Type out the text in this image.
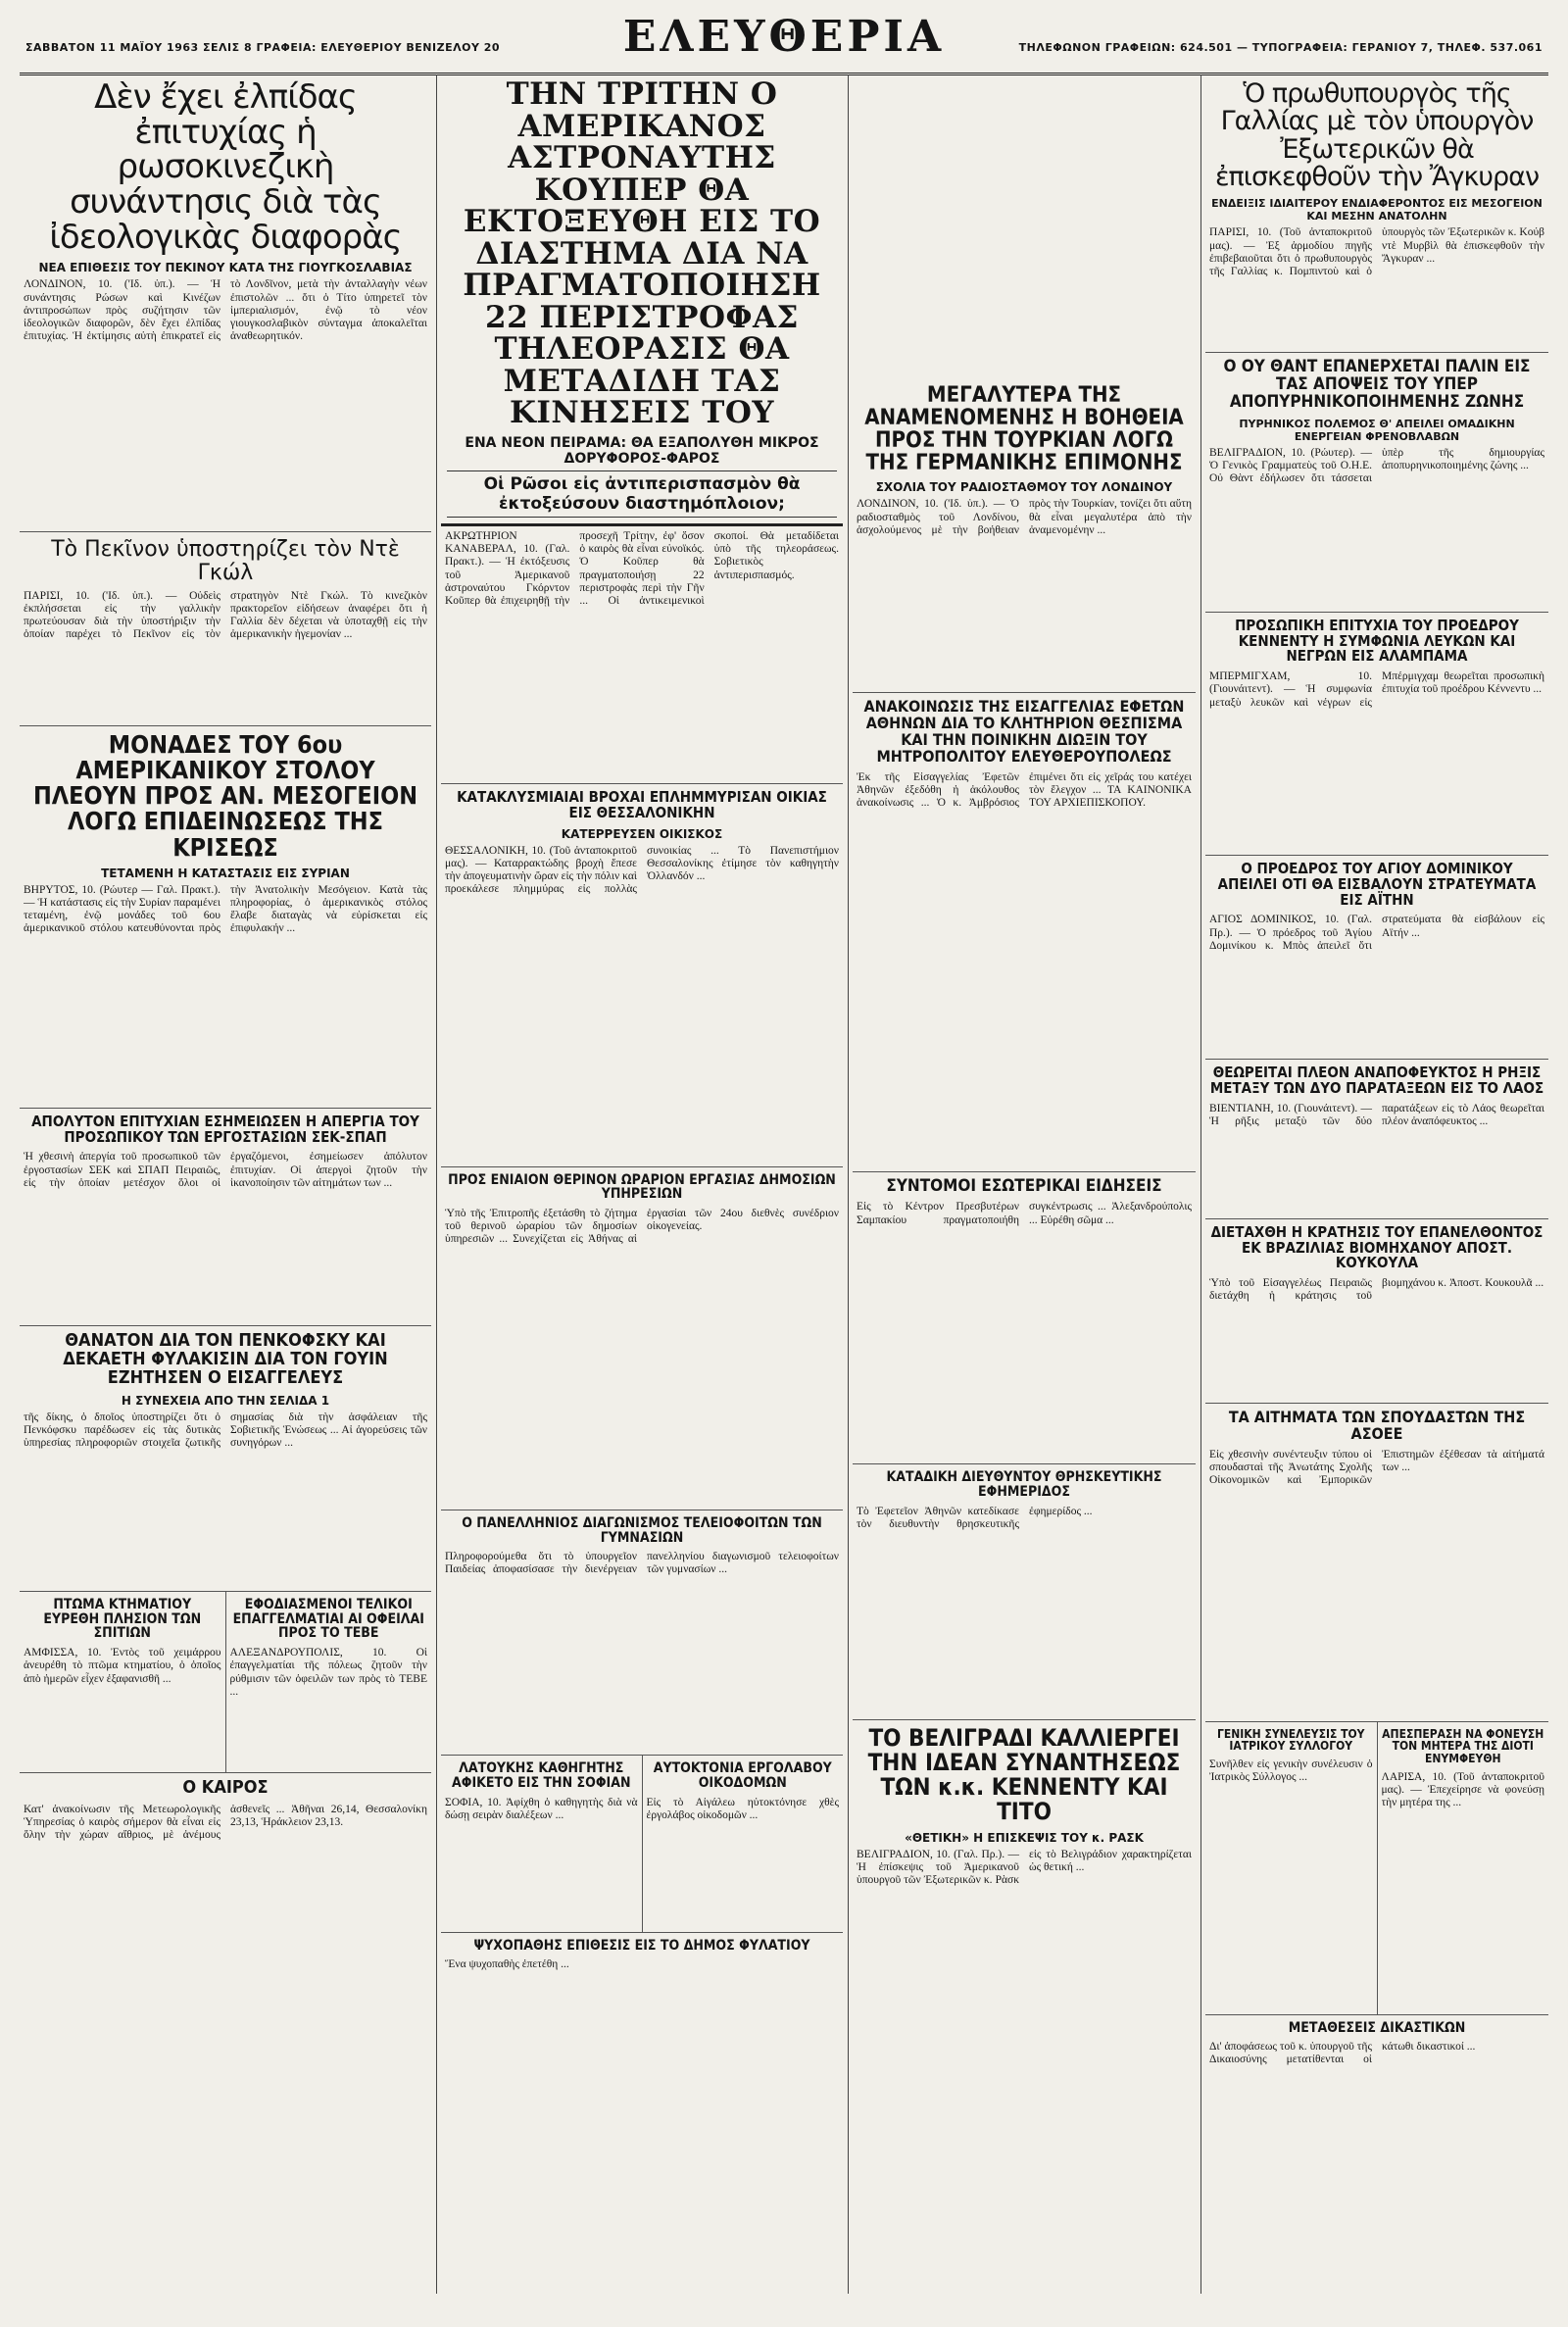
ΣΑΒΒΑΤΟΝ 11 ΜΑΪΟΥ 1963 ΣΕΛΙΣ 8 ΓΡΑΦΕΙΑ: ΕΛΕΥΘΕΡΙΟΥ ΒΕΝΙΖΕΛΟΥ 20	ΕΛΕΥΘΕΡΙΑ	ΤΗΛΕΦΩΝΟΝ ΓΡΑΦΕΙΩΝ: 624.501 — ΤΥΠΟΓΡΑΦΕΙΑ: ΓΕΡΑΝΙΟΥ 7, ΤΗΛΕΦ. 537.061
Δὲν ἔχει ἐλπίδας ἐπιτυχίας ἡ ρωσοκινεζικὴ συνάντησις διὰ τὰς ἰδεολογικὰς διαφορὰς
ΝΕΑ ΕΠΙΘΕΣΙΣ ΤΟΥ ΠΕΚΙΝΟΥ ΚΑΤΑ ΤΗΣ ΓΙΟΥΓΚΟΣΛΑΒΙΑΣ

ΛΟΝΔΙΝΟΝ, 10. ('Ιδ. ὑπ.). — Ἡ συνάντησις Ρώσων καὶ Κινέζων ἀντιπροσώπων πρὸς συζήτησιν τῶν ἰδεολογικῶν διαφορῶν, δὲν ἔχει ἐλπίδας ἐπιτυχίας. Ἡ ἐκτίμησις αὐτὴ ἐπικρατεῖ εἰς τὸ Λονδῖνον, μετὰ τὴν ἀνταλλαγὴν νέων ἐπιστολῶν ... ὅτι ὁ Τίτο ὑπηρετεῖ τὸν ἰμπεριαλισμόν, ἐνῷ τὸ νέον γιουγκοσλαβικὸν σύνταγμα ἀποκαλεῖται ἀναθεωρητικόν.

Τὸ Πεκῖνον ὑποστηρίζει τὸν Ντὲ Γκώλ

ΠΑΡΙΣΙ, 10. ('Ιδ. ὑπ.). — Οὐδεὶς ἐκπλήσσεται εἰς τὴν γαλλικὴν πρωτεύουσαν διὰ τὴν ὑποστήριξιν τὴν ὁποίαν παρέχει τὸ Πεκῖνον εἰς τὸν στρατηγὸν Ντὲ Γκώλ. Τὸ κινεζικὸν πρακτορεῖον εἰδήσεων ἀναφέρει ὅτι ἡ Γαλλία δὲν δέχεται νὰ ὑποταχθῇ εἰς τὴν ἀμερικανικὴν ἡγεμονίαν ...

ΜΟΝΑΔΕΣ ΤΟΥ 6ου ΑΜΕΡΙΚΑΝΙΚΟΥ ΣΤΟΛΟΥ ΠΛΕΟΥΝ ΠΡΟΣ ΑΝ. ΜΕΣΟΓΕΙΟΝ ΛΟΓΩ ΕΠΙΔΕΙΝΩΣΕΩΣ ΤΗΣ ΚΡΙΣΕΩΣ
ΤΕΤΑΜΕΝΗ Η ΚΑΤΑΣΤΑΣΙΣ ΕΙΣ ΣΥΡΙΑΝ

ΒΗΡΥΤΟΣ, 10. (Ρώυτερ — Γαλ. Πρακτ.). — Ἡ κατάστασις εἰς τὴν Συρίαν παραμένει τεταμένη, ἐνῷ μονάδες τοῦ 6ου ἀμερικανικοῦ στόλου κατευθύνονται πρὸς τὴν Ἀνατολικὴν Μεσόγειον. Κατὰ τὰς πληροφορίας, ὁ ἀμερικανικὸς στόλος ἔλαβε διαταγὰς νὰ εὑρίσκεται εἰς ἐπιφυλακήν ...

ΑΠΟΛΥΤΟΝ ΕΠΙΤΥΧΙΑΝ ΕΣΗΜΕΙΩΣΕΝ Η ΑΠΕΡΓΙΑ ΤΟΥ ΠΡΟΣΩΠΙΚΟΥ ΤΩΝ ΕΡΓΟΣΤΑΣΙΩΝ ΣΕΚ-ΣΠΑΠ

Ἡ χθεσινὴ ἀπεργία τοῦ προσωπικοῦ τῶν ἐργοστασίων ΣΕΚ καὶ ΣΠΑΠ Πειραιῶς, εἰς τὴν ὁποίαν μετέσχον ὅλοι οἱ ἐργαζόμενοι, ἐσημείωσεν ἀπόλυτον ἐπιτυχίαν. Οἱ ἀπεργοὶ ζητοῦν τὴν ἱκανοποίησιν τῶν αἰτημάτων των ...

ΘΑΝΑΤΟΝ ΔΙΑ ΤΟΝ ΠΕΝΚΟΦΣΚΥ ΚΑΙ ΔΕΚΑΕΤΗ ΦΥΛΑΚΙΣΙΝ ΔΙΑ ΤΟΝ ΓΟΥΙΝ ΕΖΗΤΗΣΕΝ Ο ΕΙΣΑΓΓΕΛΕΥΣ
Η ΣΥΝΕΧΕΙΑ ΑΠΟ ΤΗΝ ΣΕΛΙΔΑ 1

τῆς δίκης, ὁ δποῖος ὑποστηρίζει ὅτι ὁ Πενκόφσκυ παρέδωσεν εἰς τὰς δυτικὰς ὑπηρεσίας πληροφοριῶν στοιχεῖα ζωτικῆς σημασίας διὰ τὴν ἀσφάλειαν τῆς Σοβιετικῆς Ἑνώσεως ... Αἱ ἀγορεύσεις τῶν συνηγόρων ...

ΠΤΩΜΑ ΚΤΗΜΑΤΙΟΥ ΕΥΡΕΘΗ ΠΛΗΣΙΟΝ ΤΩΝ ΣΠΙΤΙΩΝ

ΑΜΦΙΣΣΑ, 10. Ἐντὸς τοῦ χειμάρρου ἀνευρέθη τὸ πτῶμα κτηματίου, ὁ ὁποῖος ἀπὸ ἡμερῶν εἶχεν ἐξαφανισθῆ ...

ΕΦΟΔΙΑΣΜΕΝΟΙ ΤΕΛΙΚΟΙ ΕΠΑΓΓΕΛΜΑΤΙΑΙ ΑΙ ΟΦΕΙΛΑΙ ΠΡΟΣ ΤΟ ΤΕΒΕ

ΑΛΕΞΑΝΔΡΟΥΠΟΛΙΣ, 10. Οἱ ἐπαγγελματίαι τῆς πόλεως ζητοῦν τὴν ρύθμισιν τῶν ὀφειλῶν των πρὸς τὸ ΤΕΒΕ ...

Ο ΚΑΙΡΟΣ

Κατ' ἀνακοίνωσιν τῆς Μετεωρολογικῆς Ὑπηρεσίας ὁ καιρὸς σήμερον θὰ εἶναι εἰς ὅλην τὴν χώραν αἴθριος, μὲ ἀνέμους ἀσθενεῖς ... Ἀθῆναι 26,14, Θεσσαλονίκη 23,13, Ἡράκλειον 23,13.

ΤΗΝ ΤΡΙΤΗΝ Ο ΑΜΕΡΙΚΑΝΟΣ ΑΣΤΡΟΝΑΥΤΗΣ ΚΟΥΠΕΡ ΘΑ ΕΚΤΟΞΕΥΘΗ ΕΙΣ ΤΟ ΔΙΑΣΤΗΜΑ ΔΙΑ ΝΑ ΠΡΑΓΜΑΤΟΠΟΙΗΣΗ 22 ΠΕΡΙΣΤΡΟΦΑΣ ΤΗΛΕΟΡΑΣΙΣ ΘΑ ΜΕΤΑΔΙΔΗ ΤΑΣ ΚΙΝΗΣΕΙΣ ΤΟΥ
ΕΝΑ ΝΕΟΝ ΠΕΙΡΑΜΑ: ΘΑ ΕΞΑΠΟΛΥΘΗ ΜΙΚΡΟΣ ΔΟΡΥΦΟΡΟΣ-ΦΑΡΟΣ
Οἱ Ρῶσοι εἰς ἀντιπερισπασμὸν θὰ ἐκτοξεύσουν διαστημόπλοιον;

ΑΚΡΩΤΗΡΙΟΝ ΚΑΝΑΒΕΡΑΛ, 10. (Γαλ. Πρακτ.). — Ἡ ἐκτόξευσις τοῦ Ἀμερικανοῦ ἀστροναύτου Γκόρντον Κοῦπερ θὰ ἐπιχειρηθῇ τὴν προσεχῆ Τρίτην, ἐφ' ὅσον ὁ καιρὸς θὰ εἶναι εὐνοϊκός. Ὁ Κοῦπερ θὰ πραγματοποιήσῃ 22 περιστροφὰς περὶ τὴν Γῆν ... Οἱ ἀντικειμενικοὶ σκοποί. Θὰ μεταδίδεται ὑπὸ τῆς τηλεοράσεως. Σοβιετικὸς ἀντιπερισπασμός.

ΚΑΤΑΚΛΥΣΜΙΑΙΑΙ ΒΡΟΧΑΙ ΕΠΛΗΜΜΥΡΙΣΑΝ ΟΙΚΙΑΣ ΕΙΣ ΘΕΣΣΑΛΟΝΙΚΗΝ
ΚΑΤΕΡΡΕΥΣΕΝ ΟΙΚΙΣΚΟΣ

ΘΕΣΣΑΛΟΝΙΚΗ, 10. (Τοῦ ἀνταποκριτοῦ μας). — Καταρρακτώδης βροχὴ ἔπεσε τὴν ἀπογευματινὴν ὥραν εἰς τὴν πόλιν καὶ προεκάλεσε πλημμύρας εἰς πολλὰς συνοικίας ... Τὸ Πανεπιστήμιον Θεσσαλονίκης ἐτίμησε τὸν καθηγητὴν Ὁλλανδόν ...

ΠΡΟΣ ΕΝΙΑΙΟΝ ΘΕΡΙΝΟΝ ΩΡΑΡΙΟΝ ΕΡΓΑΣΙΑΣ ΔΗΜΟΣΙΩΝ ΥΠΗΡΕΣΙΩΝ

Ὑπὸ τῆς Ἐπιτροπῆς ἐξετάσθη τὸ ζήτημα τοῦ θερινοῦ ὡραρίου τῶν δημοσίων ὑπηρεσιῶν ... Συνεχίζεται εἰς Ἀθήνας αἱ ἐργασίαι τῶν 24ου διεθνὲς συνέδριον οἰκογενείας.

Ο ΠΑΝΕΛΛΗΝΙΟΣ ΔΙΑΓΩΝΙΣΜΟΣ ΤΕΛΕΙΟΦΟΙΤΩΝ ΤΩΝ ΓΥΜΝΑΣΙΩΝ

Πληροφορούμεθα ὅτι τὸ ὑπουργεῖον Παιδείας ἀποφασίσασε τὴν διενέργειαν πανελληνίου διαγωνισμοῦ τελειοφοίτων τῶν γυμνασίων ...

ΛΑΤΟΥΚΗΣ ΚΑΘΗΓΗΤΗΣ ΑΦΙΚΕΤΟ ΕΙΣ ΤΗΝ ΣΟΦΙΑΝ

ΣΟΦΙΑ, 10. Ἀφίχθη ὁ καθηγητὴς διὰ νὰ δώσῃ σειρὰν διαλέξεων ...

ΑΥΤΟΚΤΟΝΙΑ ΕΡΓΟΛΑΒΟΥ ΟΙΚΟΔΟΜΩΝ

Εἰς τὸ Αἰγάλεω ηὐτοκτόνησε χθὲς ἐργολάβος οἰκοδομῶν ...

ΨΥΧΟΠΑΘΗΣ ΕΠΙΘΕΣΙΣ ΕΙΣ ΤΟ ΔΗΜΟΣ ΦΥΛΑΤΙΟΥ

Ἕνα ψυχοπαθὴς ἐπετέθη ...

ΜΕΓΑΛΥΤΕΡΑ ΤΗΣ ΑΝΑΜΕΝΟΜΕΝΗΣ Η ΒΟΗΘΕΙΑ ΠΡΟΣ ΤΗΝ ΤΟΥΡΚΙΑΝ ΛΟΓΩ ΤΗΣ ΓΕΡΜΑΝΙΚΗΣ ΕΠΙΜΟΝΗΣ
ΣΧΟΛΙΑ ΤΟΥ ΡΑΔΙΟΣΤΑΘΜΟΥ ΤΟΥ ΛΟΝΔΙΝΟΥ

ΛΟΝΔΙΝΟΝ, 10. ('Ιδ. ὑπ.). — Ὁ ραδιοσταθμὸς τοῦ Λονδίνου, ἀσχολούμενος μὲ τὴν βοήθειαν πρὸς τὴν Τουρκίαν, τονίζει ὅτι αὕτη θὰ εἶναι μεγαλυτέρα ἀπὸ τὴν ἀναμενομένην ...

ΑΝΑΚΟΙΝΩΣΙΣ ΤΗΣ ΕΙΣΑΓΓΕΛΙΑΣ ΕΦΕΤΩΝ ΑΘΗΝΩΝ ΔΙΑ ΤΟ ΚΛΗΤΗΡΙΟΝ ΘΕΣΠΙΣΜΑ ΚΑΙ ΤΗΝ ΠΟΙΝΙΚΗΝ ΔΙΩΞΙΝ ΤΟΥ ΜΗΤΡΟΠΟΛΙΤΟΥ ΕΛΕΥΘΕΡΟΥΠΟΛΕΩΣ

Ἐκ τῆς Εἰσαγγελίας Ἐφετῶν Ἀθηνῶν ἐξεδόθη ἡ ἀκόλουθος ἀνακοίνωσις ... Ὁ κ. Ἀμβρόσιος ἐπιμένει ὅτι εἰς χεῖράς του κατέχει τὸν ἔλεγχον ... ΤΑ ΚΑΙΝΟΝΙΚΑ ΤΟΥ ΑΡΧΙΕΠΙΣΚΟΠΟΥ.

ΣΥΝΤΟΜΟΙ ΕΣΩΤΕΡΙΚΑΙ ΕΙΔΗΣΕΙΣ

Εἰς τὸ Κέντρον Πρεσβυτέρων Σαμπακίου πραγματοποιήθη συγκέντρωσις ... Ἀλεξανδρούπολις ... Εὐρέθη σῶμα ...

ΚΑΤΑΔΙΚΗ ΔΙΕΥΘΥΝΤΟΥ ΘΡΗΣΚΕΥΤΙΚΗΣ ΕΦΗΜΕΡΙΔΟΣ

Τὸ Ἐφετεῖον Ἀθηνῶν κατεδίκασε τὸν διευθυντὴν θρησκευτικῆς ἐφημερίδος ...

ΤΟ ΒΕΛΙΓΡΑΔΙ ΚΑΛΛΙΕΡΓΕΙ ΤΗΝ ΙΔΕΑΝ ΣΥΝΑΝΤΗΣΕΩΣ ΤΩΝ κ.κ. ΚΕΝΝΕΝΤΥ ΚΑΙ ΤΙΤΟ
«ΘΕΤΙΚΗ» Η ΕΠΙΣΚΕΨΙΣ ΤΟΥ κ. ΡΑΣΚ

ΒΕΛΙΓΡΑΔΙΟΝ, 10. (Γαλ. Πρ.). — Ἡ ἐπίσκεψις τοῦ Ἀμερικανοῦ ὑπουργοῦ τῶν Ἐξωτερικῶν κ. Ρὰσκ εἰς τὸ Βελιγράδιον χαρακτηρίζεται ὡς θετική ...

Ὁ πρωθυπουργὸς τῆς Γαλλίας μὲ τὸν ὑπουργὸν Ἐξωτερικῶν θὰ ἐπισκεφθοῦν τὴν Ἄγκυραν
ΕΝΔΕΙΞΙΣ ΙΔΙΑΙΤΕΡΟΥ ΕΝΔΙΑΦΕΡΟΝΤΟΣ ΕΙΣ ΜΕΣΟΓΕΙΟΝ ΚΑΙ ΜΕΣΗΝ ΑΝΑΤΟΛΗΝ

ΠΑΡΙΣΙ, 10. (Τοῦ ἀνταποκριτοῦ μας). — Ἐξ ἀρμοδίου πηγῆς ἐπιβεβαιοῦται ὅτι ὁ πρωθυπουργὸς τῆς Γαλλίας κ. Πομπιντοὺ καὶ ὁ ὑπουργὸς τῶν Ἐξωτερικῶν κ. Κούβ ντὲ Μυρβὶλ θὰ ἐπισκεφθοῦν τὴν Ἄγκυραν ...

Ο ΟΥ ΘΑΝΤ ΕΠΑΝΕΡΧΕΤΑΙ ΠΑΛΙΝ ΕΙΣ ΤΑΣ ΑΠΟΨΕΙΣ ΤΟΥ ΥΠΕΡ ΑΠΟΠΥΡΗΝΙΚΟΠΟΙΗΜΕΝΗΣ ΖΩΝΗΣ
ΠΥΡΗΝΙΚΟΣ ΠΟΛΕΜΟΣ Θ' ΑΠΕΙΛΕΙ ΟΜΑΔΙΚΗΝ ΕΝΕΡΓΕΙΑΝ ΦΡΕΝΟΒΛΑΒΩΝ

ΒΕΛΙΓΡΑΔΙΟΝ, 10. (Ρώυτερ). — Ὁ Γενικὸς Γραμματεὺς τοῦ Ο.Η.Ε. Οὐ Θὰντ ἐδήλωσεν ὅτι τάσσεται ὑπὲρ τῆς δημιουργίας ἀποπυρηνικοποιημένης ζώνης ...

ΠΡΟΣΩΠΙΚΗ ΕΠΙΤΥΧΙΑ ΤΟΥ ΠΡΟΕΔΡΟΥ ΚΕΝΝΕΝΤΥ Η ΣΥΜΦΩΝΙΑ ΛΕΥΚΩΝ ΚΑΙ ΝΕΓΡΩΝ ΕΙΣ ΑΛΑΜΠΑΜΑ

ΜΠΕΡΜΙΓΧΑΜ, 10. (Γιουνάιτεντ). — Ἡ συμφωνία μεταξὺ λευκῶν καὶ νέγρων εἰς Μπέρμιγχαμ θεωρεῖται προσωπικὴ ἐπιτυχία τοῦ προέδρου Κέννεντυ ...

Ο ΠΡΟΕΔΡΟΣ ΤΟΥ ΑΓΙΟΥ ΔΟΜΙΝΙΚΟΥ ΑΠΕΙΛΕΙ ΟΤΙ ΘΑ ΕΙΣΒΑΛΟΥΝ ΣΤΡΑΤΕΥΜΑΤΑ ΕΙΣ ΑΪΤΗΝ

ΑΓΙΟΣ ΔΟΜΙΝΙΚΟΣ, 10. (Γαλ. Πρ.). — Ὁ πρόεδρος τοῦ Ἁγίου Δομινίκου κ. Μπὸς ἀπειλεῖ ὅτι στρατεύματα θὰ εἰσβάλουν εἰς Αϊτήν ...

ΘΕΩΡΕΙΤΑΙ ΠΛΕΟΝ ΑΝΑΠΟΦΕΥΚΤΟΣ Η ΡΗΞΙΣ ΜΕΤΑΞΥ ΤΩΝ ΔΥΟ ΠΑΡΑΤΑΞΕΩΝ ΕΙΣ ΤΟ ΛΑΟΣ

ΒΙΕΝΤΙΑΝΗ, 10. (Γιουνάιτεντ). — Ἡ ρῆξις μεταξὺ τῶν δύο παρατάξεων εἰς τὸ Λάος θεωρεῖται πλέον ἀναπόφευκτος ...

ΔΙΕΤΑΧΘΗ Η ΚΡΑΤΗΣΙΣ ΤΟΥ ΕΠΑΝΕΛΘΟΝΤΟΣ ΕΚ ΒΡΑΖΙΛΙΑΣ ΒΙΟΜΗΧΑΝΟΥ ΑΠΟΣΤ. ΚΟΥΚΟΥΛΑ

Ὑπὸ τοῦ Εἰσαγγελέως Πειραιῶς διετάχθη ἡ κράτησις τοῦ βιομηχάνου κ. Ἀποστ. Κουκουλᾶ ...

ΤΑ ΑΙΤΗΜΑΤΑ ΤΩΝ ΣΠΟΥΔΑΣΤΩΝ ΤΗΣ ΑΣΟΕΕ

Εἰς χθεσινὴν συνέντευξιν τύπου οἱ σπουδασταὶ τῆς Ἀνωτάτης Σχολῆς Οἰκονομικῶν καὶ Ἐμπορικῶν Ἐπιστημῶν ἐξέθεσαν τὰ αἰτήματά των ...

ΓΕΝΙΚΗ ΣΥΝΕΛΕΥΣΙΣ ΤΟΥ ΙΑΤΡΙΚΟΥ ΣΥΛΛΟΓΟΥ

Συνῆλθεν εἰς γενικὴν συνέλευσιν ὁ Ἰατρικὸς Σύλλογος ...

ΑΠΕΣΠΕΡΑΣΗ ΝΑ ΦΟΝΕΥΣΗ ΤΟΝ ΜΗΤΕΡΑ ΤΗΣ ΔΙΟΤΙ ΕΝΥΜΦΕΥΘΗ

ΛΑΡΙΣΑ, 10. (Τοῦ ἀνταποκριτοῦ μας). — Ἐπεχείρησε νὰ φονεύσῃ τὴν μητέρα της ...

ΜΕΤΑΘΕΣΕΙΣ ΔΙΚΑΣΤΙΚΩΝ

Δι' ἀποφάσεως τοῦ κ. ὑπουργοῦ τῆς Δικαιοσύνης μετατίθενται οἱ κάτωθι δικαστικοί ...
